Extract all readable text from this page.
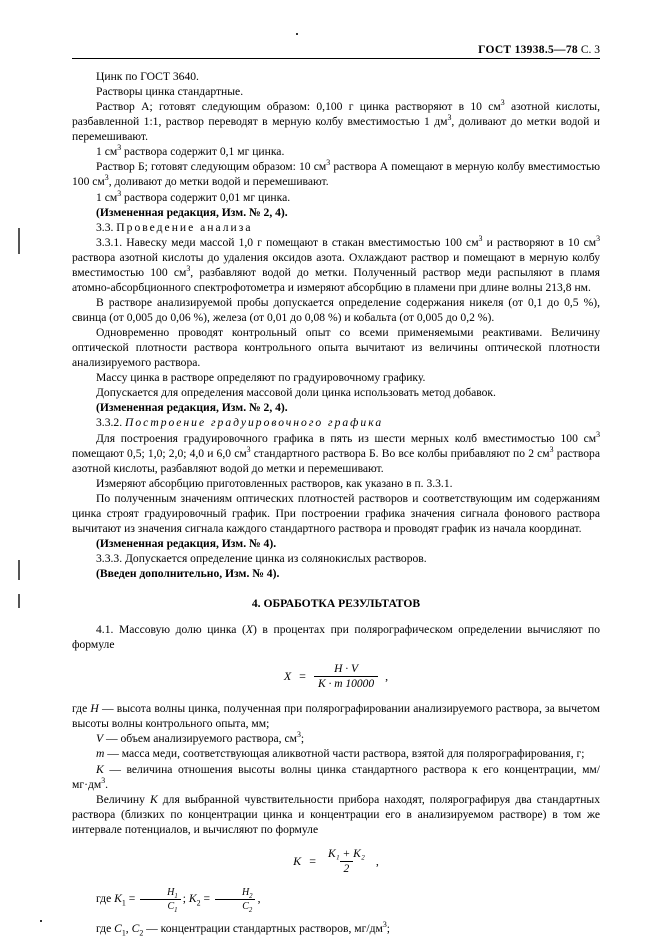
ГОСТ 13938.5—78 С. 3

Цинк по ГОСТ 3640.

Растворы цинка стандартные.

Раствор А; готовят следующим образом: 0,100 г цинка растворяют в 10 $см^3$ азотной кислоты, разбавленной 1:1, раствор переводят в мерную колбу вместимостью 1 $дм^3$, доливают до метки водой и перемешивают.

1 $см^3$ раствора содержит 0,1 мг цинка.

Раствор Б; готовят следующим образом: 10 $см^3$ раствора А помещают в мерную колбу вместимостью 100 $см^3$, доливают до метки водой и перемешивают.

1 $см^3$ раствора содержит 0,01 мг цинка.

(Измененная редакция, Изм. № 2, 4).

3.3. Проведение анализа

3.3.1. Навеску меди массой 1,0 г помещают в стакан вместимостью 100 $см^3$ и растворяют в 10 $см^3$ раствора азотной кислоты до удаления оксидов азота. Охлаждают раствор и помещают в мерную колбу вместимостью 100 $см^3$, разбавляют водой до метки. Полученный раствор меди распыляют в пламя атомно-абсорбционного спектрофотометра и измеряют абсорбцию в пламени при длине волны 213,8 нм.

В растворе анализируемой пробы допускается определение содержания никеля (от 0,1 до 0,5 %), свинца (от 0,005 до 0,06 %), железа (от 0,01 до 0,08 %) и кобальта (от 0,005 до 0,2 %).

Одновременно проводят контрольный опыт со всеми применяемыми реактивами. Величину оптической плотности раствора контрольного опыта вычитают из величины оптической плотности анализируемого раствора.

Массу цинка в растворе определяют по градуировочному графику.

Допускается для определения массовой доли цинка использовать метод добавок.

(Измененная редакция, Изм. № 2, 4).

3.3.2. Построение градуировочного графика

Для построения градуировочного графика в пять из шести мерных колб вместимостью 100 $см^3$ помещают 0,5; 1,0; 2,0; 4,0 и 6,0 $см^3$ стандартного раствора Б. Во все колбы прибавляют по 2 $см^3$ раствора азотной кислоты, разбавляют водой до метки и перемешивают.

Измеряют абсорбцию приготовленных растворов, как указано в п. 3.3.1.

По полученным значениям оптических плотностей растворов и соответствующим им содержаниям цинка строят градуировочный график. При построении графика значения сигнала фонового раствора вычитают из значения сигнала каждого стандартного раствора и проводят график из начала координат.

(Измененная редакция, Изм. № 4).

3.3.3. Допускается определение цинка из солянокислых растворов.

(Введен дополнительно, Изм. № 4).

4. ОБРАБОТКА РЕЗУЛЬТАТОВ

4.1. Массовую долю цинка (X) в процентах при полярографическом определении вычисляют по формуле

$X = \frac{H \cdot V}{K \cdot m 10000}$ ,

где H — высота волны цинка, полученная при полярографировании анализируемого раствора, за вычетом высоты волны контрольного опыта, мм;

V — объем анализируемого раствора, $см^3$;

m — масса меди, соответствующая аликвотной части раствора, взятой для полярографирования, г;

K — величина отношения высоты волны цинка стандартного раствора к его концентрации, $мм/мг\cdot дм^3$.

Величину K для выбранной чувствительности прибора находят, полярографируя два стандартных раствора (близких по концентрации цинка и концентрации его в анализируемом растворе) в том же интервале потенциалов, и вычисляют по формуле

$K = \frac{\text{K₁ + K₂}}{2}$ ,

где $K_1 = \frac{H_1}{C_1}$ ; $K_2 = \frac{H_2}{C_2}$ ,

где $C_1$, $C_2$ — концентрации стандартных растворов, $мг/дм^3$;
